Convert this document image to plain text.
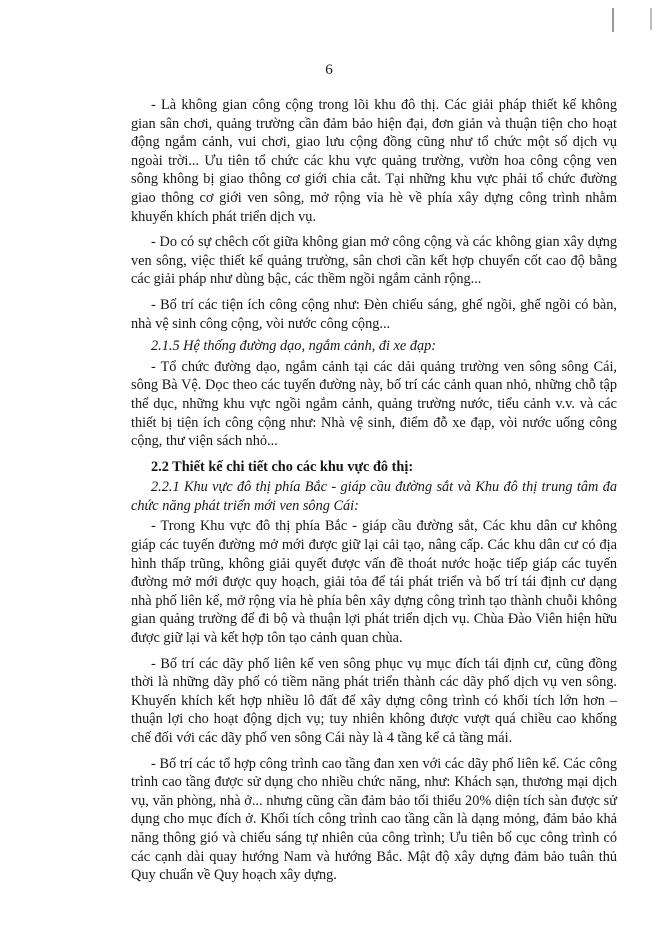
6

- Là không gian công cộng trong lõi khu đô thị. Các giải pháp thiết kế không gian sân chơi, quảng trường cần đảm bảo hiện đại, đơn giản và thuận tiện cho hoạt động ngắm cảnh, vui chơi, giao lưu cộng đồng cũng như tổ chức một số dịch vụ ngoài trời... Ưu tiên tổ chức các khu vực quảng trường, vườn hoa công cộng ven sông không bị giao thông cơ giới chia cắt. Tại những khu vực phải tổ chức đường giao thông cơ giới ven sông, mở rộng vỉa hè về phía xây dựng công trình nhằm khuyến khích phát triển dịch vụ.

- Do có sự chêch cốt giữa không gian mở công cộng và các không gian xây dựng ven sông, việc thiết kế quảng trường, sân chơi cần kết hợp chuyển cốt cao độ bằng các giải pháp như dùng bậc, các thềm ngồi ngắm cảnh rộng...

- Bố trí các tiện ích công cộng như: Đèn chiếu sáng, ghế ngồi, ghế ngồi có bàn, nhà vệ sinh công cộng, vòi nước công cộng...

2.1.5 Hệ thống đường dạo, ngắm cảnh, đi xe đạp:

- Tổ chức đường dạo, ngắm cảnh tại các dải quảng trường ven sông sông Cái, sông Bà Vệ. Dọc theo các tuyến đường này, bố trí các cảnh quan nhỏ, những chỗ tập thể dục, những khu vực ngồi ngắm cảnh, quảng trường nước, tiểu cảnh v.v. và các thiết bị tiện ích công cộng như: Nhà vệ sinh, điểm đỗ xe đạp, vòi nước uống công cộng, thư viện sách nhỏ...

2.2 Thiết kế chi tiết cho các khu vực đô thị:

2.2.1 Khu vực đô thị phía Bắc - giáp cầu đường sắt và Khu đô thị trung tâm đa chức năng phát triển mới ven sông Cái:

- Trong Khu vực đô thị phía Bắc - giáp cầu đường sắt, Các khu dân cư không giáp các tuyến đường mở mới được giữ lại cải tạo, nâng cấp. Các khu dân cư có địa hình thấp trũng, không giải quyết được vấn đề thoát nước hoặc tiếp giáp các tuyến đường mở mới được quy hoạch, giải tỏa để tái phát triển và bố trí tái định cư dạng nhà phố liên kế, mở rộng vỉa hè phía bên xây dựng công trình tạo thành chuỗi không gian quảng trường để đi bộ và thuận lợi phát triển dịch vụ. Chùa Đào Viên hiện hữu được giữ lại và kết hợp tôn tạo cảnh quan chùa.

- Bố trí các dãy phố liên kế ven sông phục vụ mục đích tái định cư, cũng đồng thời là những dãy phố có tiềm năng phát triển thành các dãy phố dịch vụ ven sông. Khuyến khích kết hợp nhiều lô đất để xây dựng công trình có khối tích lớn hơn – thuận lợi cho hoạt động dịch vụ; tuy nhiên không được vượt quá chiều cao khống chế đối với các dãy phố ven sông Cái này là 4 tầng kể cả tầng mái.

- Bố trí các tổ hợp công trình cao tầng đan xen với các dãy phố liên kế. Các công trình cao tầng được sử dụng cho nhiều chức năng, như: Khách sạn, thương mại dịch vụ, văn phòng, nhà ở... nhưng cũng cần đảm bảo tối thiểu 20% diện tích sàn được sử dụng cho mục đích ở. Khối tích công trình cao tầng cần là dạng mỏng, đảm bảo khả năng thông gió và chiếu sáng tự nhiên của công trình; Ưu tiên bố cục công trình có các cạnh dài quay hướng Nam và hướng Bắc. Mật độ xây dựng đảm bảo tuân thủ Quy chuẩn về Quy hoạch xây dựng.
